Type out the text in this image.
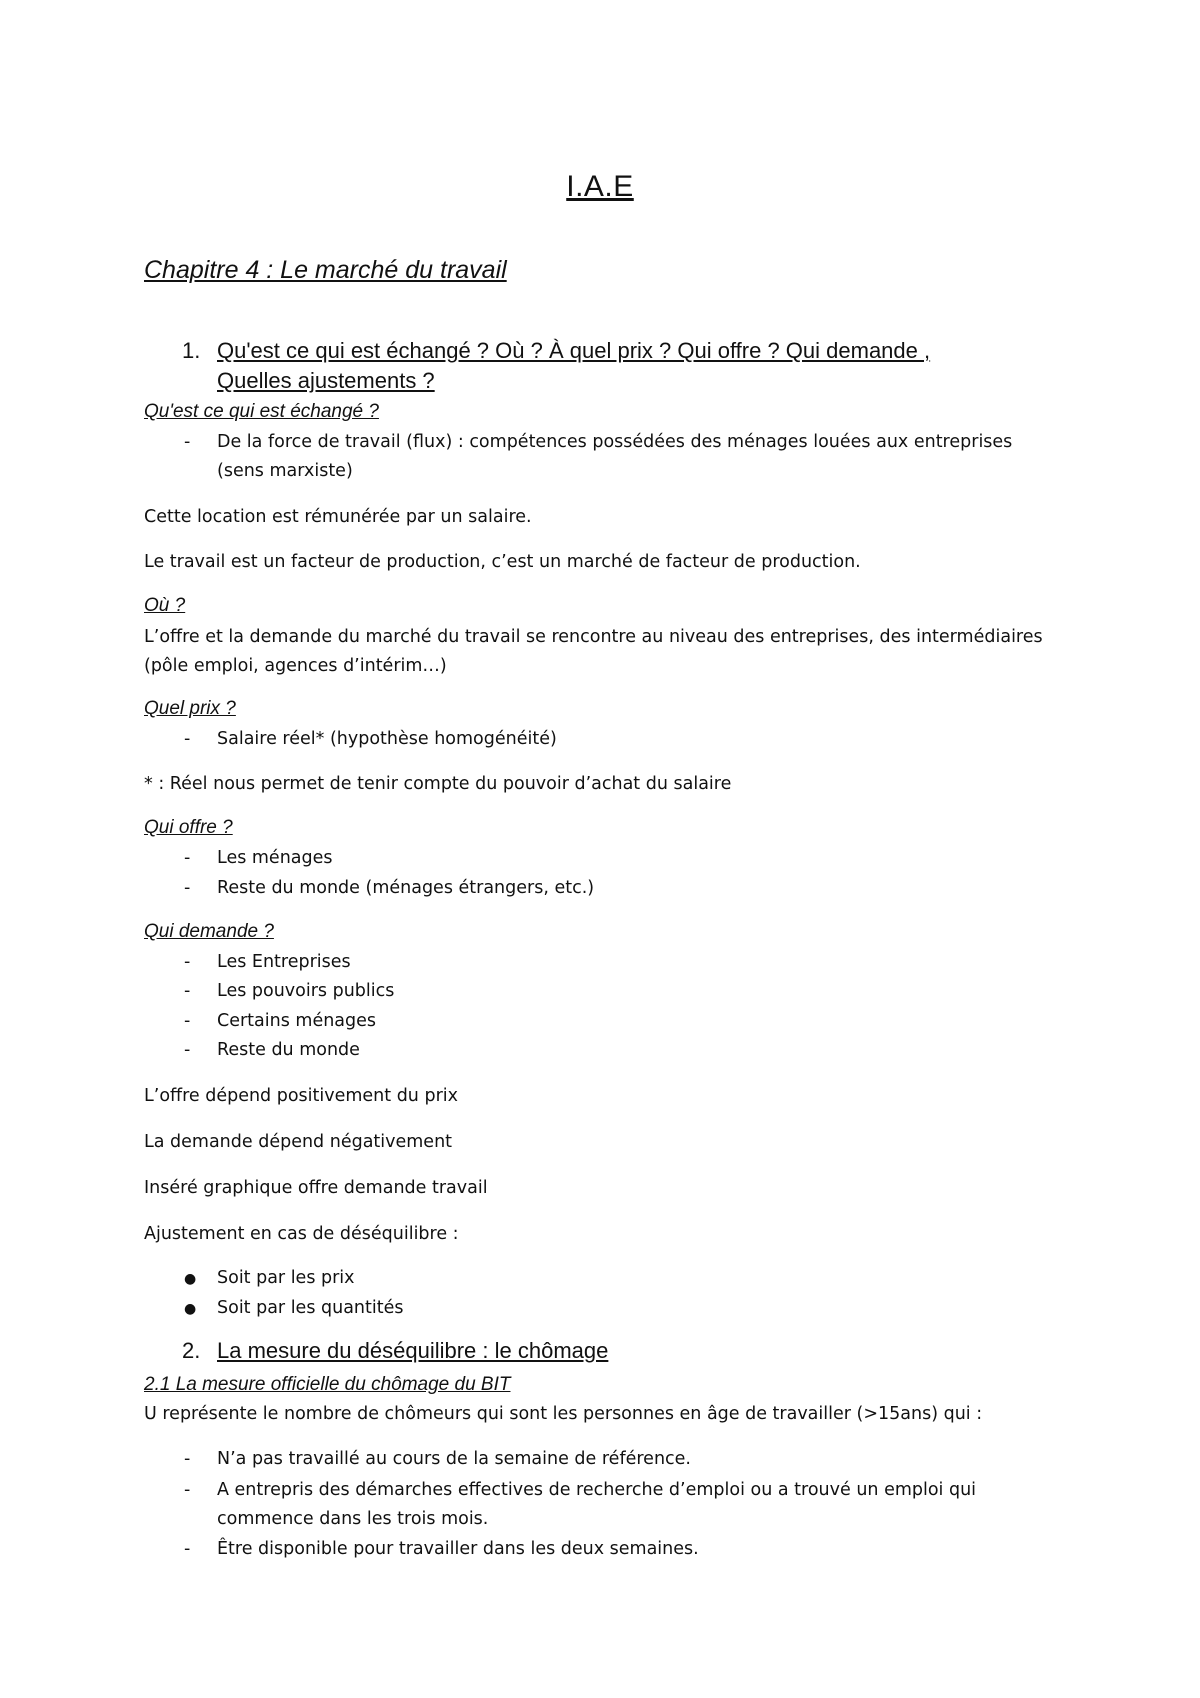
I.A.E
Chapitre 4 : Le marché du travail
1. Qu'est ce qui est échangé ? Où ? À quel prix ? Qui offre ? Qui demande ,
Quelles ajustements ?
Qu'est ce qui est échangé ?
- De la force de travail (flux) : compétences possédées des ménages louées aux entreprises
(sens marxiste)
Cette location est rémunérée par un salaire.
Le travail est un facteur de production, c’est un marché de facteur de production.
Où ?
L’offre et la demande du marché du travail se rencontre au niveau des entreprises, des intermédiaires
(pôle emploi, agences d’intérim…)
Quel prix ?
- Salaire réel* (hypothèse homogénéité)
* : Réel nous permet de tenir compte du pouvoir d’achat du salaire
Qui offre ?
- Les ménages
- Reste du monde (ménages étrangers, etc.)
Qui demande ?
- Les Entreprises
- Les pouvoirs publics
- Certains ménages
- Reste du monde
L’offre dépend positivement du prix
La demande dépend négativement
Inséré graphique offre demande travail
Ajustement en cas de déséquilibre :
● Soit par les prix
● Soit par les quantités
2. La mesure du déséquilibre : le chômage
2.1 La mesure officielle du chômage du BIT
U représente le nombre de chômeurs qui sont les personnes en âge de travailler (>15ans) qui :
- N’a pas travaillé au cours de la semaine de référence.
- A entrepris des démarches effectives de recherche d’emploi ou a trouvé un emploi qui
commence dans les trois mois.
- Être disponible pour travailler dans les deux semaines.
